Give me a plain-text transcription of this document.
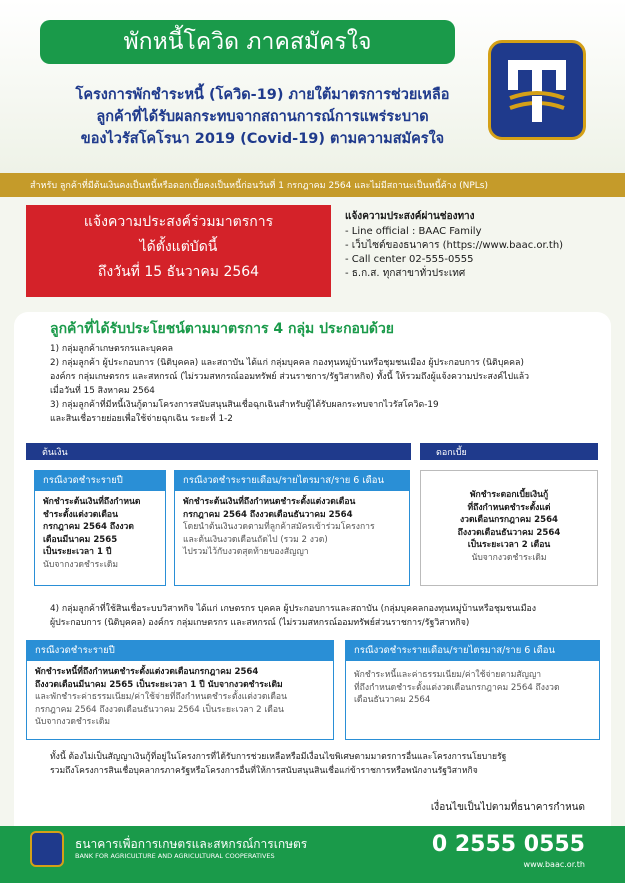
พักหนี้โควิด ภาคสมัครใจ
โครงการพักชำระหนี้ (โควิด-19) ภายใต้มาตรการช่วยเหลือ
ลูกค้าที่ได้รับผลกระทบจากสถานการณ์การแพร่ระบาด
ของไวรัสโคโรนา 2019 (Covid-19) ตามความสมัครใจ
สำหรับ ลูกค้าที่มีต้นเงินคงเป็นหนี้หรือดอกเบี้ยคงเป็นหนี้ก่อนวันที่ 1 กรกฎาคม 2564 และไม่มีสถานะเป็นหนี้ค้าง (NPLs)
แจ้งความประสงค์ร่วมมาตรการ
ได้ตั้งแต่บัดนี้
ถึงวันที่ 15 ธันวาคม 2564
แจ้งความประสงค์ผ่านช่องทาง
- Line official : BAAC Family
- เว็บไซต์ของธนาคาร (https://www.baac.or.th)
- Call center 02-555-0555
- ธ.ก.ส. ทุกสาขาทั่วประเทศ
ลูกค้าที่ได้รับประโยชน์ตามมาตรการ 4 กลุ่ม ประกอบด้วย
1) กลุ่มลูกค้าเกษตรกรและบุคคล
2) กลุ่มลูกค้า ผู้ประกอบการ (นิติบุคคล) และสถาบัน ได้แก่ กลุ่มบุคคล กองทุนหมู่บ้านหรือชุมชนเมือง ผู้ประกอบการ (นิติบุคคล)
องค์กร กลุ่มเกษตรกร และสหกรณ์ (ไม่รวมสหกรณ์ออมทรัพย์ ส่วนราชการ/รัฐวิสาหกิจ) ทั้งนี้ ให้รวมถึงผู้แจ้งความประสงค์ไปแล้ว
เมื่อวันที่ 15 สิงหาคม 2564
3) กลุ่มลูกค้าที่มีหนี้เงินกู้ตามโครงการสนับสนุนสินเชื่อฉุกเฉินสำหรับผู้ได้รับผลกระทบจากไวรัสโควิด-19
และสินเชื่อรายย่อยเพื่อใช้จ่ายฉุกเฉิน ระยะที่ 1-2
ต้นเงิน	ดอกเบี้ย
กรณีงวดชำระรายปี
พักชำระต้นเงินที่ถึงกำหนด
ชำระตั้งแต่งวดเดือน
กรกฎาคม 2564 ถึงงวด
เดือนมีนาคม 2565
เป็นระยะเวลา 1 ปี
นับจากงวดชำระเดิม
กรณีงวดชำระรายเดือน/รายไตรมาส/ราย 6 เดือน
พักชำระต้นเงินที่ถึงกำหนดชำระตั้งแต่งวดเดือน
กรกฎาคม 2564 ถึงงวดเดือนธันวาคม 2564
โดยนำต้นเงินงวดตามที่ลูกค้าสมัครเข้าร่วมโครงการ
และต้นเงินงวดเดือนถัดไป (รวม 2 งวด)
ไปรวมไว้กับงวดสุดท้ายของสัญญา
พักชำระดอกเบี้ยเงินกู้
ที่ถึงกำหนดชำระตั้งแต่
งวดเดือนกรกฎาคม 2564
ถึงงวดเดือนธันวาคม 2564
เป็นระยะเวลา 2 เดือน
นับจากงวดชำระเดิม
4) กลุ่มลูกค้าที่ใช้สินเชื่อระบบวิสาหกิจ ได้แก่ เกษตรกร บุคคล ผู้ประกอบการและสถาบัน (กลุ่มบุคคลกองทุนหมู่บ้านหรือชุมชนเมือง
ผู้ประกอบการ (นิติบุคคล) องค์กร กลุ่มเกษตรกร และสหกรณ์ (ไม่รวมสหกรณ์ออมทรัพย์ส่วนราชการ/รัฐวิสาหกิจ)
กรณีงวดชำระรายปี
พักชำระหนี้ที่ถึงกำหนดชำระตั้งแต่งวดเดือนกรกฎาคม 2564
ถึงงวดเดือนมีนาคม 2565 เป็นระยะเวลา 1 ปี นับจากงวดชำระเดิม
และพักชำระค่าธรรมเนียม/ค่าใช้จ่ายที่ถึงกำหนดชำระตั้งแต่งวดเดือน
กรกฎาคม 2564 ถึงงวดเดือนธันวาคม 2564 เป็นระยะเวลา 2 เดือน
นับจากงวดชำระเดิม
กรณีงวดชำระรายเดือน/รายไตรมาส/ราย 6 เดือน
พักชำระหนี้และค่าธรรมเนียม/ค่าใช้จ่ายตามสัญญา
ที่ถึงกำหนดชำระตั้งแต่งวดเดือนกรกฎาคม 2564 ถึงงวด
เดือนธันวาคม 2564
ทั้งนี้ ต้องไม่เป็นสัญญาเงินกู้ที่อยู่ในโครงการที่ได้รับการช่วยเหลือหรือมีเงื่อนไขพิเศษตามมาตรการอื่นและโครงการนโยบายรัฐ
รวมถึงโครงการสินเชื่อบุคลากรภาครัฐหรือโครงการอื่นที่ให้การสนับสนุนสินเชื่อแก่ข้าราชการหรือพนักงานรัฐวิสาหกิจ
เงื่อนไขเป็นไปตามที่ธนาคารกำหนด
ธนาคารเพื่อการเกษตรและสหกรณ์การเกษตร
BANK FOR AGRICULTURE AND AGRICULTURAL COOPERATIVES	0 2555 0555
www.baac.or.th
